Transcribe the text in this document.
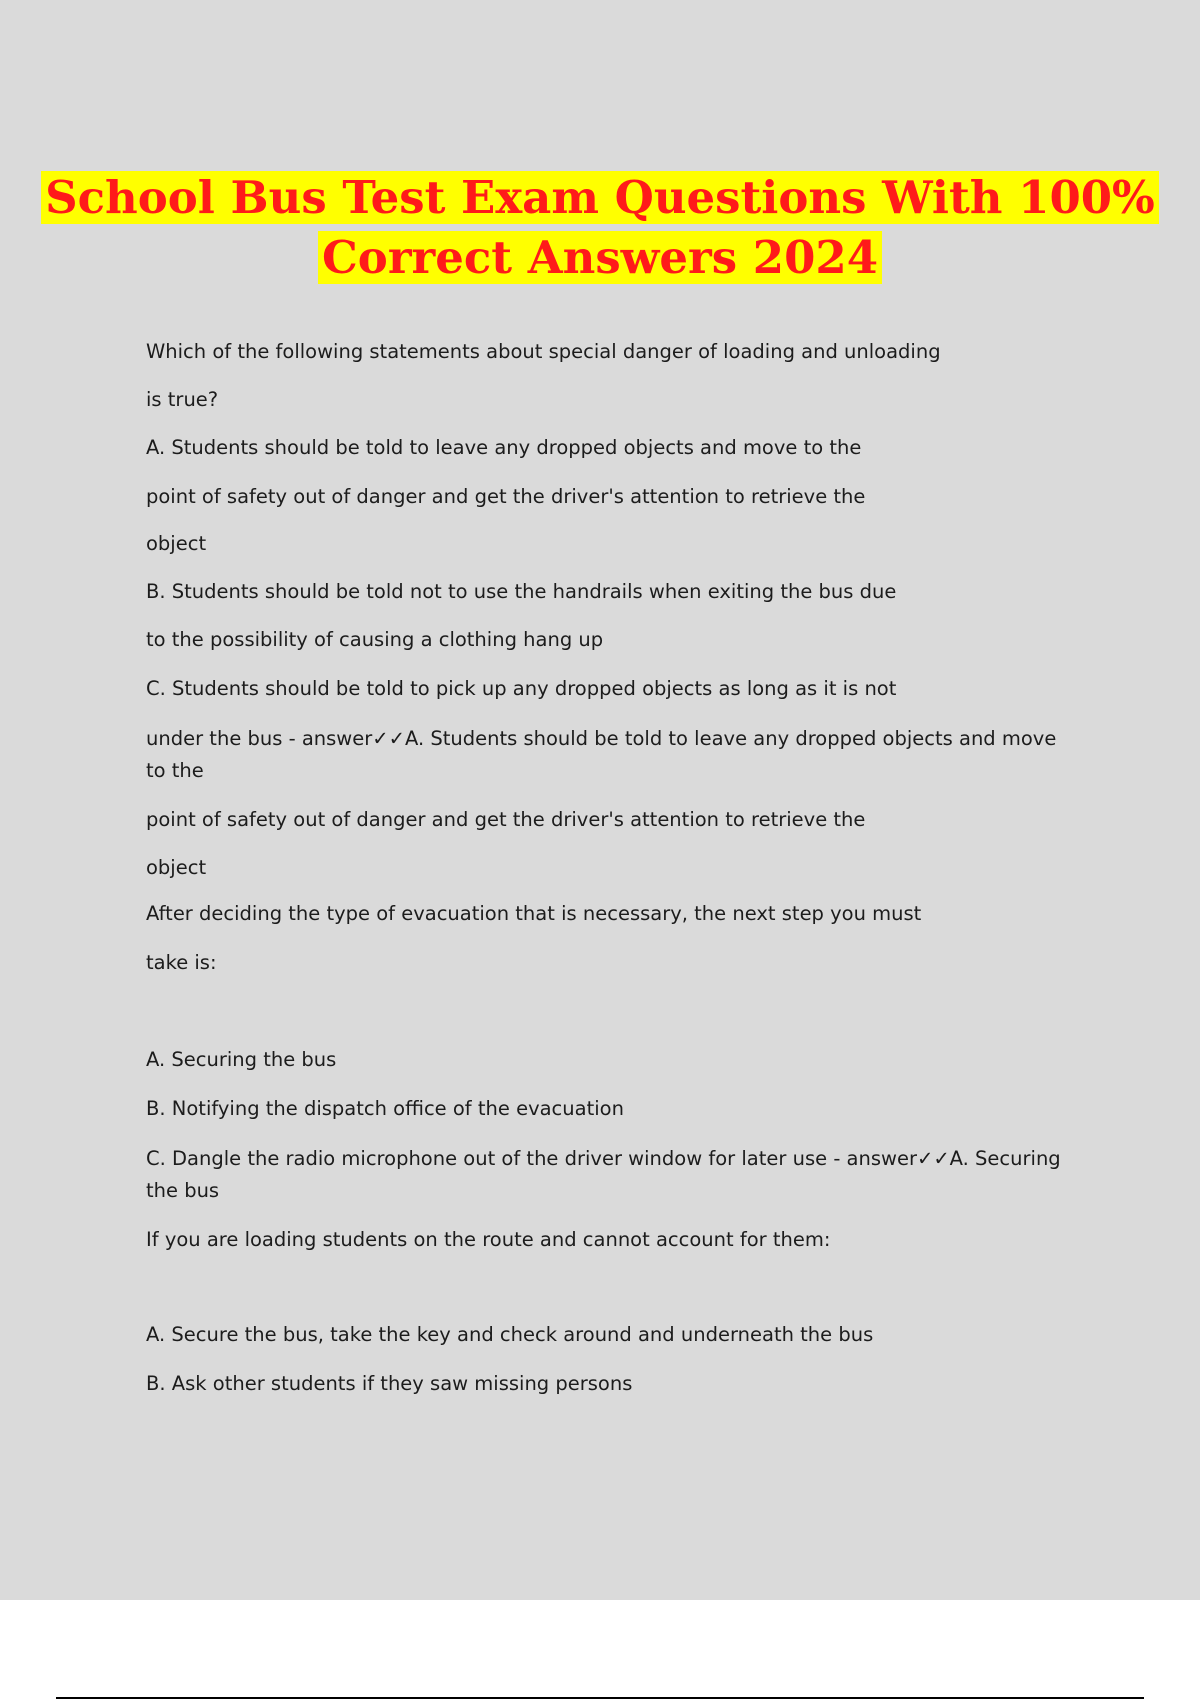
School Bus Test Exam Questions With 100%
Correct Answers 2024
Which of the following statements about special danger of loading and unloading
is true?
A. Students should be told to leave any dropped objects and move to the
point of safety out of danger and get the driver's attention to retrieve the
object
B. Students should be told not to use the handrails when exiting the bus due
to the possibility of causing a clothing hang up
C. Students should be told to pick up any dropped objects as long as it is not
under the bus - answer✓✓A. Students should be told to leave any dropped objects and move
to the
point of safety out of danger and get the driver's attention to retrieve the
object
After deciding the type of evacuation that is necessary, the next step you must
take is:
A. Securing the bus
B. Notifying the dispatch office of the evacuation
C. Dangle the radio microphone out of the driver window for later use - answer✓✓A. Securing
the bus
If you are loading students on the route and cannot account for them:
A. Secure the bus, take the key and check around and underneath the bus
B. Ask other students if they saw missing persons
